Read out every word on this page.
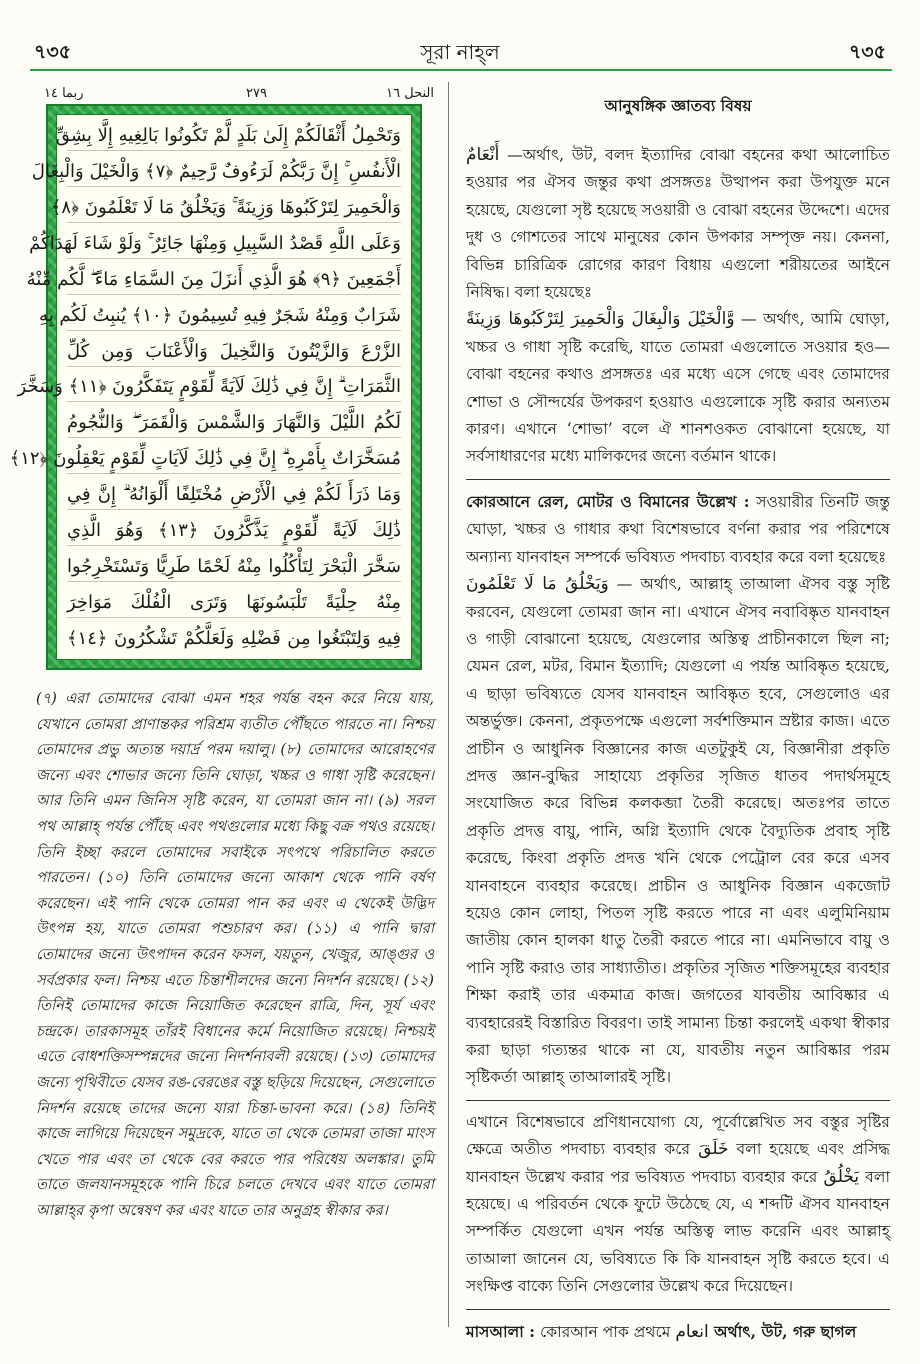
৭৩৫	সূরা নাহ্‌ল	৭৩৫
ربما ١٤	٢٧٩	النحل ١٦
وَتَحْمِلُ أَثْقَالَكُمْ إِلَىٰ بَلَدٍ لَّمْ تَكُونُوا بَالِغِيهِ إِلَّا بِشِقِّ
الْأَنفُسِ ۚ إِنَّ رَبَّكُمْ لَرَءُوفٌ رَّحِيمٌ ﴿٧﴾ وَالْخَيْلَ وَالْبِغَالَ
وَالْحَمِيرَ لِتَرْكَبُوهَا وَزِينَةً ۚ وَيَخْلُقُ مَا لَا تَعْلَمُونَ ﴿٨﴾
وَعَلَى اللَّهِ قَصْدُ السَّبِيلِ وَمِنْهَا جَائِرٌ ۚ وَلَوْ شَاءَ لَهَدَاكُمْ
أَجْمَعِينَ ﴿٩﴾ هُوَ الَّذِي أَنزَلَ مِنَ السَّمَاءِ مَاءً ۖ لَّكُم مِّنْهُ
شَرَابٌ وَمِنْهُ شَجَرٌ فِيهِ تُسِيمُونَ ﴿١٠﴾ يُنبِتُ لَكُم بِهِ
الزَّرْعَ وَالزَّيْتُونَ وَالنَّخِيلَ وَالْأَعْنَابَ وَمِن كُلِّ
الثَّمَرَاتِ ۗ إِنَّ فِي ذَٰلِكَ لَآيَةً لِّقَوْمٍ يَتَفَكَّرُونَ ﴿١١﴾ وَسَخَّرَ
لَكُمُ اللَّيْلَ وَالنَّهَارَ وَالشَّمْسَ وَالْقَمَرَ ۖ وَالنُّجُومُ
مُسَخَّرَاتٌ بِأَمْرِهِ ۗ إِنَّ فِي ذَٰلِكَ لَآيَاتٍ لِّقَوْمٍ يَعْقِلُونَ ﴿١٢﴾
وَمَا ذَرَأَ لَكُمْ فِي الْأَرْضِ مُخْتَلِفًا أَلْوَانُهُ ۗ إِنَّ فِي
ذَٰلِكَ لَآيَةً لِّقَوْمٍ يَذَّكَّرُونَ ﴿١٣﴾ وَهُوَ الَّذِي
سَخَّرَ الْبَحْرَ لِتَأْكُلُوا مِنْهُ لَحْمًا طَرِيًّا وَتَسْتَخْرِجُوا
مِنْهُ حِلْيَةً تَلْبَسُونَهَا وَتَرَى الْفُلْكَ مَوَاخِرَ
فِيهِ وَلِتَبْتَغُوا مِن فَضْلِهِ وَلَعَلَّكُمْ تَشْكُرُونَ ﴿١٤﴾
(৭) এরা তোমাদের বোঝা এমন শহর পর্যন্ত বহন করে নিয়ে যায়, যেখানে তোমরা প্রাণান্তকর পরিশ্রম ব্যতীত পৌঁছতে পারতে না। নিশ্চয় তোমাদের প্রভু অত্যন্ত দয়ার্দ্র পরম দয়ালু। (৮) তোমাদের আরোহণের জন্যে এবং শোভার জন্যে তিনি ঘোড়া, খচ্চর ও গাধা সৃষ্টি করেছেন। আর তিনি এমন জিনিস সৃষ্টি করেন, যা তোমরা জান না। (৯) সরল পথ আল্লাহ্ পর্যন্ত পৌঁছে এবং পথগুলোর মধ্যে কিছু বক্র পথও রয়েছে। তিনি ইচ্ছা করলে তোমাদের সবাইকে সৎপথে পরিচালিত করতে পারতেন। (১০) তিনি তোমাদের জন্যে আকাশ থেকে পানি বর্ষণ করেছেন। এই পানি থেকে তোমরা পান কর এবং এ থেকেই উদ্ভিদ উৎপন্ন হয়, যাতে তোমরা পশুচারণ কর। (১১) এ পানি দ্বারা তোমাদের জন্যে উৎপাদন করেন ফসল, যয়তুন, খেজুর, আঙ্গুর ও সর্বপ্রকার ফল। নিশ্চয় এতে চিন্তাশীলদের জন্যে নিদর্শন রয়েছে। (১২) তিনিই তোমাদের কাজে নিয়োজিত করেছেন রাত্রি, দিন, সূর্য এবং চন্দ্রকে। তারকাসমূহ তাঁরই বিধানের কর্মে নিয়োজিত রয়েছে। নিশ্চয়ই এতে বোধশক্তিসম্পন্নদের জন্যে নিদর্শনাবলী রয়েছে। (১৩) তোমাদের জন্যে পৃথিবীতে যেসব রঙ-বেরঙের বস্তু ছড়িয়ে দিয়েছেন, সেগুলোতে নিদর্শন রয়েছে তাদের জন্যে যারা চিন্তা-ভাবনা করে। (১৪) তিনিই কাজে লাগিয়ে দিয়েছেন সমুদ্রকে, যাতে তা থেকে তোমরা তাজা মাংস খেতে পার এবং তা থেকে বের করতে পার পরিধেয় অলঙ্কার। তুমি তাতে জলযানসমূহকে পানি চিরে চলতে দেখবে এবং যাতে তোমরা আল্লাহ্‌র কৃপা অন্বেষণ কর এবং যাতে তার অনুগ্রহ স্বীকার কর।
আনুষঙ্গিক জ্ঞাতব্য বিষয়

أَنْعَامٌ —অর্থাৎ, উট, বলদ ইত্যাদির বোঝা বহনের কথা আলোচিত হওয়ার পর ঐসব জন্তুর কথা প্রসঙ্গতঃ উত্থাপন করা উপযুক্ত মনে হয়েছে, যেগুলো সৃষ্ট হয়েছে সওয়ারী ও বোঝা বহনের উদ্দেশে। এদের দুধ ও গোশতের সাথে মানুষের কোন উপকার সম্পৃক্ত নয়। কেননা, বিভিন্ন চারিত্রিক রোগের কারণ বিধায় এগুলো শরীয়তের আইনে নিষিদ্ধ। বলা হয়েছেঃ

وَّالْخَيْلَ وَالْبِغَالَ وَالْحَمِيرَ لِتَرْكَبُوهَا وَزِينَةً — অর্থাৎ, আমি ঘোড়া, খচ্চর ও গাধা সৃষ্টি করেছি, যাতে তোমরা এগুলোতে সওয়ার হও—বোঝা বহনের কথাও প্রসঙ্গতঃ এর মধ্যে এসে গেছে এবং তোমাদের শোভা ও সৌন্দর্যের উপকরণ হওয়াও এগুলোকে সৃষ্টি করার অন্যতম কারণ। এখানে ‘শোভা’ বলে ঐ শানশওকত বোঝানো হয়েছে, যা সর্বসাধারণের মধ্যে মালিকদের জন্যে বর্তমান থাকে।

কোরআনে রেল, মোটর ও বিমানের উল্লেখ : সওয়ারীর তিনটি জন্তু ঘোড়া, খচ্চর ও গাধার কথা বিশেষভাবে বর্ণনা করার পর পরিশেষে অন্যান্য যানবাহন সম্পর্কে ভবিষ্যত পদবাচ্য ব্যবহার করে বলা হয়েছেঃ

وَيَخْلُقُ مَا لَا تَعْلَمُونَ — অর্থাৎ, আল্লাহ্ তাআলা ঐসব বস্তু সৃষ্টি করবেন, যেগুলো তোমরা জান না। এখানে ঐসব নবাবিষ্কৃত যানবাহন ও গাড়ী বোঝানো হয়েছে, যেগুলোর অস্তিত্ব প্রাচীনকালে ছিল না; যেমন রেল, মটর, বিমান ইত্যাদি; যেগুলো এ পর্যন্ত আবিষ্কৃত হয়েছে, এ ছাড়া ভবিষ্যতে যেসব যানবাহন আবিষ্কৃত হবে, সেগুলোও এর অন্তর্ভুক্ত। কেননা, প্রকৃতপক্ষে এগুলো সর্বশক্তিমান স্রষ্টার কাজ। এতে প্রাচীন ও আধুনিক বিজ্ঞানের কাজ এতটুকুই যে, বিজ্ঞানীরা প্রকৃতি প্রদত্ত জ্ঞান-বুদ্ধির সাহায্যে প্রকৃতির সৃজিত ধাতব পদার্থসমূহে সংযোজিত করে বিভিন্ন কলকব্জা তৈরী করেছে। অতঃপর তাতে প্রকৃতি প্রদত্ত বায়ু, পানি, অগ্নি ইত্যাদি থেকে বৈদ্যুতিক প্রবাহ সৃষ্টি করেছে, কিংবা প্রকৃতি প্রদত্ত খনি থেকে পেট্রোল বের করে এসব যানবাহনে ব্যবহার করেছে। প্রাচীন ও আধুনিক বিজ্ঞান একজোট হয়েও কোন লোহা, পিতল সৃষ্টি করতে পারে না এবং এলুমিনিয়াম জাতীয় কোন হালকা ধাতু তৈরী করতে পারে না। এমনিভাবে বায়ু ও পানি সৃষ্টি করাও তার সাধ্যাতীত। প্রকৃতির সৃজিত শক্তিসমূহের ব্যবহার শিক্ষা করাই তার একমাত্র কাজ। জগতের যাবতীয় আবিষ্কার এ ব্যবহারেরই বিস্তারিত বিবরণ। তাই সামান্য চিন্তা করলেই একথা স্বীকার করা ছাড়া গত্যন্তর থাকে না যে, যাবতীয় নতুন আবিষ্কার পরম সৃষ্টিকর্তা আল্লাহ্ তাআলারই সৃষ্টি।

এখানে বিশেষভাবে প্রণিধানযোগ্য যে, পূর্বোল্লেখিত সব বস্তুর সৃষ্টির ক্ষেত্রে অতীত পদবাচ্য ব্যবহার করে خَلَقَ বলা হয়েছে এবং প্রসিদ্ধ যানবাহন উল্লেখ করার পর ভবিষ্যত পদবাচ্য ব্যবহার করে يَخْلُقُ বলা হয়েছে। এ পরিবর্তন থেকে ফুটে উঠেছে যে, এ শব্দটি ঐসব যানবাহন সম্পর্কিত যেগুলো এখন পর্যন্ত অস্তিত্ব লাভ করেনি এবং আল্লাহ্ তাআলা জানেন যে, ভবিষ্যতে কি কি যানবাহন সৃষ্টি করতে হবে। এ সংক্ষিপ্ত বাক্যে তিনি সেগুলোর উল্লেখ করে দিয়েছেন।

মাসআলা : কোরআন পাক প্রথমে انعام অর্থাৎ, উট, গরু ছাগল
